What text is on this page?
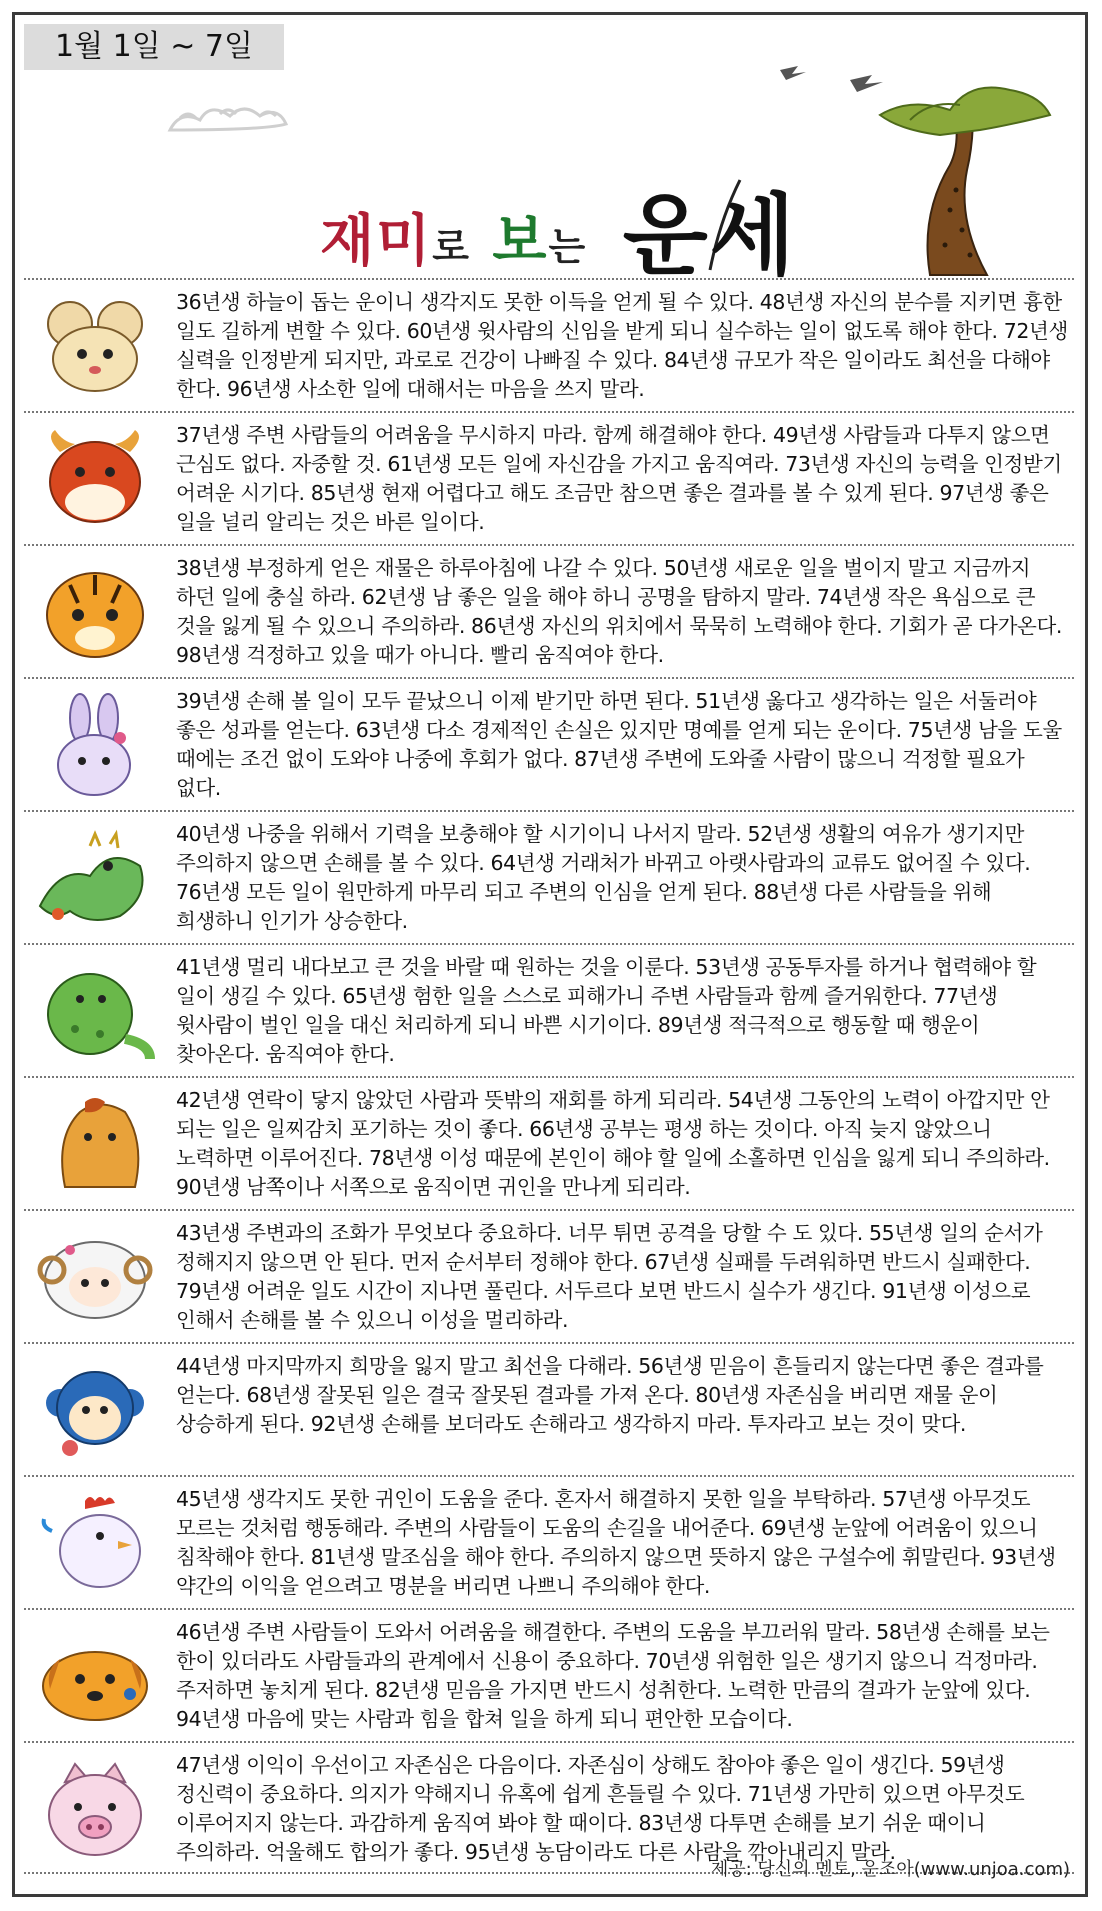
1월 1일 ~ 7일
재미로 보는 운세
36년생 하늘이 돕는 운이니 생각지도 못한 이득을 얻게 될 수 있다. 48년생 자신의 분수를 지키면 흉한 일도 길하게 변할 수 있다. 60년생 윗사람의 신임을 받게 되니 실수하는 일이 없도록 해야 한다. 72년생 실력을 인정받게 되지만, 과로로 건강이 나빠질 수 있다. 84년생 규모가 작은 일이라도 최선을 다해야 한다. 96년생 사소한 일에 대해서는 마음을 쓰지 말라.
37년생 주변 사람들의 어려움을 무시하지 마라. 함께 해결해야 한다. 49년생 사람들과 다투지 않으면 근심도 없다. 자중할 것. 61년생 모든 일에 자신감을 가지고 움직여라. 73년생 자신의 능력을 인정받기 어려운 시기다. 85년생 현재 어렵다고 해도 조금만 참으면 좋은 결과를 볼 수 있게 된다. 97년생 좋은 일을 널리 알리는 것은 바른 일이다.
38년생 부정하게 얻은 재물은 하루아침에 나갈 수 있다. 50년생 새로운 일을 벌이지 말고 지금까지 하던 일에 충실 하라. 62년생 남 좋은 일을 해야 하니 공명을 탐하지 말라. 74년생 작은 욕심으로 큰 것을 잃게 될 수 있으니 주의하라. 86년생 자신의 위치에서 묵묵히 노력해야 한다. 기회가 곧 다가온다. 98년생 걱정하고 있을 때가 아니다. 빨리 움직여야 한다.
39년생 손해 볼 일이 모두 끝났으니 이제 받기만 하면 된다. 51년생 옳다고 생각하는 일은 서둘러야 좋은 성과를 얻는다. 63년생 다소 경제적인 손실은 있지만 명예를 얻게 되는 운이다. 75년생 남을 도울 때에는 조건 없이 도와야 나중에 후회가 없다. 87년생 주변에 도와줄 사람이 많으니 걱정할 필요가 없다.
40년생 나중을 위해서 기력을 보충해야 할 시기이니 나서지 말라. 52년생 생활의 여유가 생기지만 주의하지 않으면 손해를 볼 수 있다. 64년생 거래처가 바뀌고 아랫사람과의 교류도 없어질 수 있다. 76년생 모든 일이 원만하게 마무리 되고 주변의 인심을 얻게 된다. 88년생 다른 사람들을 위해 희생하니 인기가 상승한다.
41년생 멀리 내다보고 큰 것을 바랄 때 원하는 것을 이룬다. 53년생 공동투자를 하거나 협력해야 할 일이 생길 수 있다. 65년생 험한 일을 스스로 피해가니 주변 사람들과 함께 즐거워한다. 77년생 윗사람이 벌인 일을 대신 처리하게 되니 바쁜 시기이다. 89년생 적극적으로 행동할 때 행운이 찾아온다. 움직여야 한다.
42년생 연락이 닿지 않았던 사람과 뜻밖의 재회를 하게 되리라. 54년생 그동안의 노력이 아깝지만 안 되는 일은 일찌감치 포기하는 것이 좋다. 66년생 공부는 평생 하는 것이다. 아직 늦지 않았으니 노력하면 이루어진다. 78년생 이성 때문에 본인이 해야 할 일에 소홀하면 인심을 잃게 되니 주의하라. 90년생 남쪽이나 서쪽으로 움직이면 귀인을 만나게 되리라.
43년생 주변과의 조화가 무엇보다 중요하다. 너무 튀면 공격을 당할 수 도 있다. 55년생 일의 순서가 정해지지 않으면 안 된다. 먼저 순서부터 정해야 한다. 67년생 실패를 두려워하면 반드시 실패한다. 79년생 어려운 일도 시간이 지나면 풀린다. 서두르다 보면 반드시 실수가 생긴다. 91년생 이성으로 인해서 손해를 볼 수 있으니 이성을 멀리하라.
44년생 마지막까지 희망을 잃지 말고 최선을 다해라. 56년생 믿음이 흔들리지 않는다면 좋은 결과를 얻는다. 68년생 잘못된 일은 결국 잘못된 결과를 가져 온다. 80년생 자존심을 버리면 재물 운이 상승하게 된다. 92년생 손해를 보더라도 손해라고 생각하지 마라. 투자라고 보는 것이 맞다.
45년생 생각지도 못한 귀인이 도움을 준다. 혼자서 해결하지 못한 일을 부탁하라. 57년생 아무것도 모르는 것처럼 행동해라. 주변의 사람들이 도움의 손길을 내어준다. 69년생 눈앞에 어려움이 있으니 침착해야 한다. 81년생 말조심을 해야 한다. 주의하지 않으면 뜻하지 않은 구설수에 휘말린다. 93년생 약간의 이익을 얻으려고 명분을 버리면 나쁘니 주의해야 한다.
46년생 주변 사람들이 도와서 어려움을 해결한다. 주변의 도움을 부끄러워 말라. 58년생 손해를 보는 한이 있더라도 사람들과의 관계에서 신용이 중요하다. 70년생 위험한 일은 생기지 않으니 걱정마라. 주저하면 놓치게 된다. 82년생 믿음을 가지면 반드시 성취한다. 노력한 만큼의 결과가 눈앞에 있다. 94년생 마음에 맞는 사람과 힘을 합쳐 일을 하게 되니 편안한 모습이다.
47년생 이익이 우선이고 자존심은 다음이다. 자존심이 상해도 참아야 좋은 일이 생긴다. 59년생 정신력이 중요하다. 의지가 약해지니 유혹에 쉽게 흔들릴 수 있다. 71년생 가만히 있으면 아무것도 이루어지지 않는다. 과감하게 움직여 봐야 할 때이다. 83년생 다투면 손해를 보기 쉬운 때이니 주의하라. 억울해도 합의가 좋다. 95년생 농담이라도 다른 사람을 깎아내리지 말라.
제공: 당신의 멘토, 운조아(www.unjoa.com)
